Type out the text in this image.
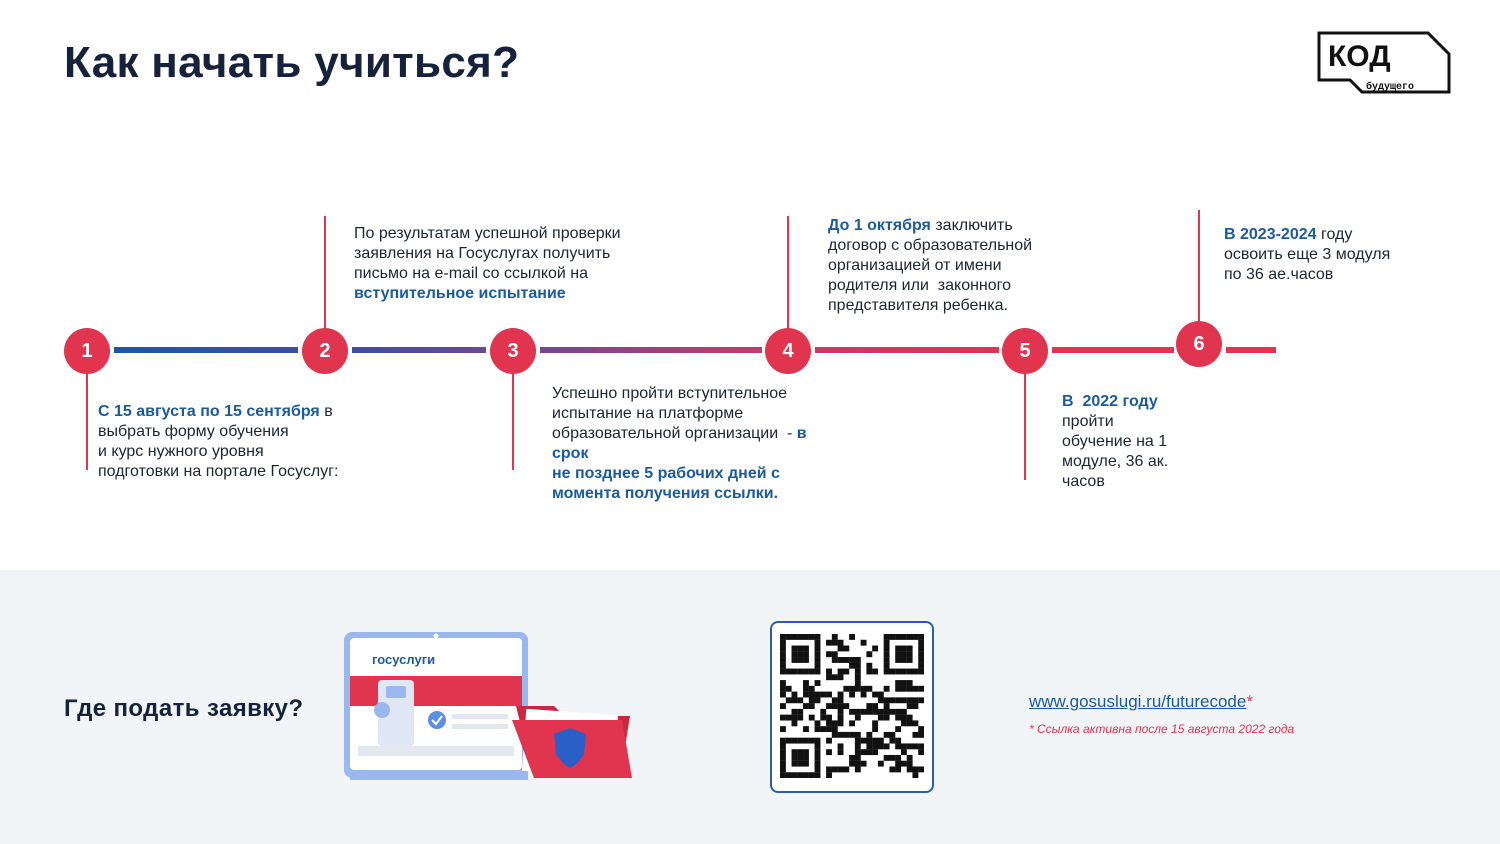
Как начать учиться?	КОД
будущего
1	2	3	4	5	6
С 15 августа по 15 сентября в
выбрать форму обучения
и курс нужного уровня
подготовки на портале Госуслуг:
По результатам успешной проверки
заявления на Госуслугах получить
письмо на e-mail со ссылкой на
вступительное испытание
Успешно пройти вступительное
испытание на платформе
образовательной организации  - в срок
не позднее 5 рабочих дней с
момента получения ссылки.
До 1 октября заключить
договор с образовательной
организацией от имени
родителя или  законного
представителя ребенка.
В  2022 году
пройти
обучение на 1
модуле, 36 ак.
часов
В 2023-2024 году
освоить еще 3 модуля
по 36 ае.часов
Где подать заявку?
госуслуги
www.gosuslugi.ru/futurecode*
* Ссылка активна после 15 августа 2022 года
